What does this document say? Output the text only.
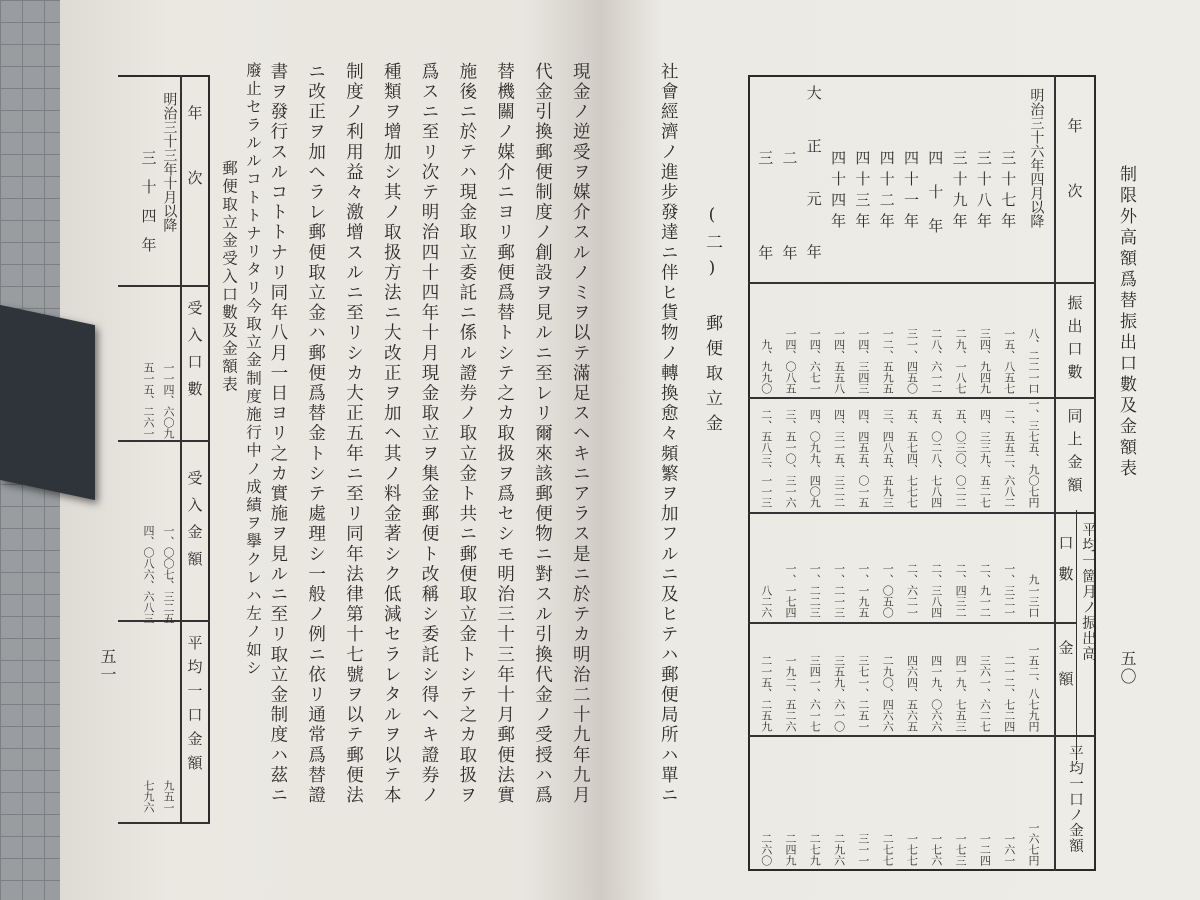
現金ノ逆受ヲ媒介スルノミヲ以テ滿足スヘキニアラス是ニ於テカ明治二十九年九月
代金引換郵便制度ノ創設ヲ見ルニ至レリ爾來該郵便物ニ對スル引換代金ノ受授ハ爲
替機關ノ媒介ニヨリ郵便爲替トシテ之カ取扱ヲ爲セシモ明治三十三年十月郵便法實
施後ニ於テハ現金取立委託ニ係ル證券ノ取立金ト共ニ郵便取立金トシテ之カ取扱ヲ
爲スニ至リ次テ明治四十四年十月現金取立ヲ集金郵便ト改稱シ委託シ得ヘキ證券ノ
種類ヲ增加シ其ノ取扱方法ニ大改正ヲ加ヘ其ノ料金著シク低減セラレタルヲ以テ本
制度ノ利用益々激增スルニ至リシカ大正五年ニ至リ同年法律第十七號ヲ以テ郵便法
ニ改正ヲ加ヘラレ郵便取立金ハ郵便爲替金トシテ處理シ一般ノ例ニ依リ通常爲替證
書ヲ發行スルコトトナリ同年八月一日ヨリ之カ實施ヲ見ルニ至リ取立金制度ハ茲ニ
廢止セラルルコトトナリタリ今取立金制度施行中ノ成績ヲ擧クレハ左ノ如シ
郵便取立金受入口數及金額表
五一
年次
受入口數
受入金額
平均一口金額
明治三十三年十月以降
三十四年
一一四、六〇九
五一五、二六一
一、〇〇七、三二五
四、〇八六、六八三
九五一
七九六
(二) 郵便取立金
社會經濟ノ進步發達ニ伴ヒ貨物ノ轉換愈々頻繁ヲ加フルニ及ヒテハ郵便局所ハ單ニ	制限外高額爲替振出口數及金額表
五〇
年次
振出口數
同上金額
平均一箇月ノ振出高
口數
金額
平均一口ノ金額
明治三十六年四月以降
八、二二一口
一、三七五、九〇七円
九一三口
一五二、八七九円
一六七円
三十七年
一五、八五七
二、五五二、六八二
一、三二一
二一二、七二四
一六一
三十八年
三四、九四九
四、三三九、五二七
二、九一二
三六一、六二七
一二四
三十九年
二九、一八七
五、〇三〇、〇二二
二、四三二
四一九、七五三
一七三
四十年
二八、六一二
五、〇二八、七八四
二、三八四
四一九、〇六六
一七六
四十一年
三一、四五〇
五、五七四、七七七
二、六二一
四六四、五六五
一七七
四十二年
一二、五九五
三、四八五、五九三
一、〇五〇
二九〇、四六六
二七七
四十三年
一四、三四三
四、四五五、〇一五
一、一九五
三七一、二五一
三一一
四十四年
一四、五五八
四、三一五、三二二
一、二一三
三五九、六一〇
二九六
大正元年
一四、六七一
四、〇九九、四〇九
一、二二三
三四一、六一七
二七九
二年
一四、〇八五
三、五一〇、三一六
一、一七四
一九二、五二六
二四九
三年
九、九九〇
二、五八三、一一三
八二六
二一五、二五九
二六〇
